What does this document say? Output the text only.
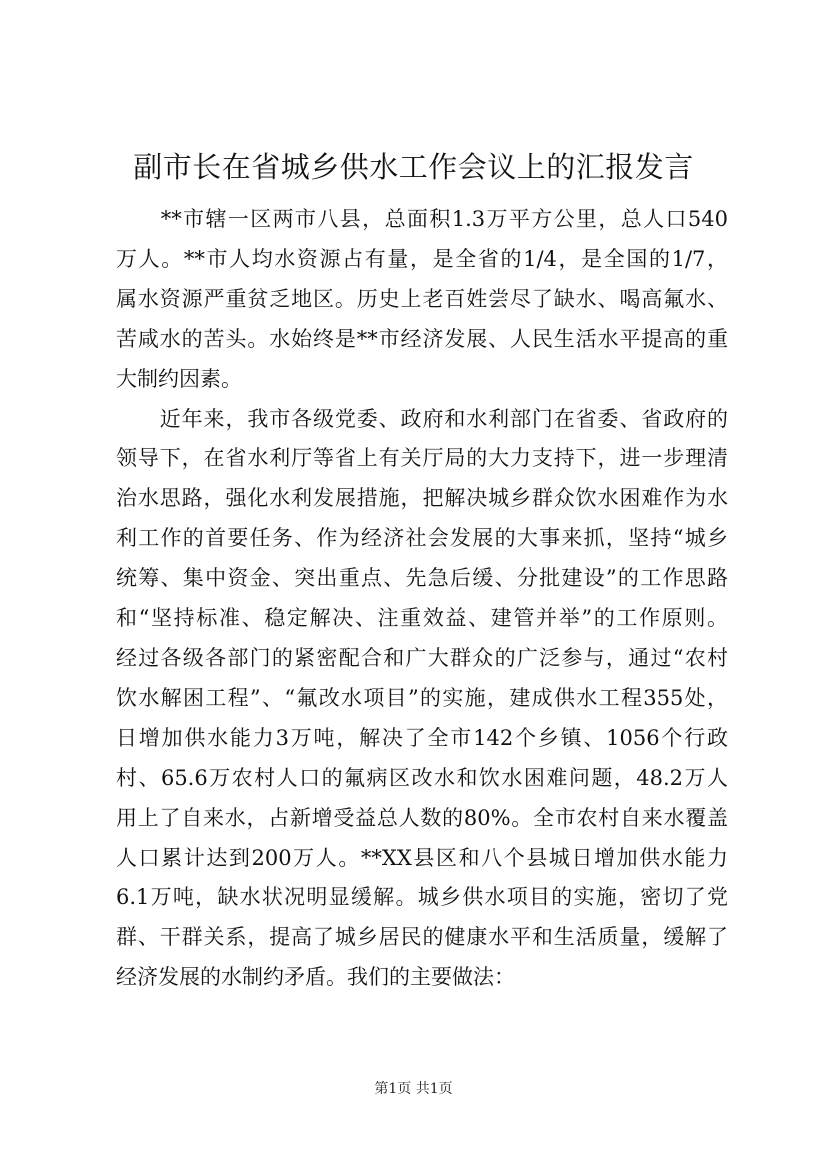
副市长在省城乡供水工作会议上的汇报发言
　　**市辖一区两市八县，总面积1.3万平方公里，总人口540
万人。**市人均水资源占有量，是全省的1/4，是全国的1/7，
属水资源严重贫乏地区。历史上老百姓尝尽了缺水、喝高氟水、
苦咸水的苦头。水始终是**市经济发展、人民生活水平提高的重
大制约因素。
　　近年来，我市各级党委、政府和水利部门在省委、省政府的
领导下，在省水利厅等省上有关厅局的大力支持下，进一步理清
治水思路，强化水利发展措施，把解决城乡群众饮水困难作为水
利工作的首要任务、作为经济社会发展的大事来抓，坚持“城乡
统筹、集中资金、突出重点、先急后缓、分批建设”的工作思路
和“坚持标准、稳定解决、注重效益、建管并举”的工作原则。
经过各级各部门的紧密配合和广大群众的广泛参与，通过“农村
饮水解困工程”、“氟改水项目”的实施，建成供水工程355处，
日增加供水能力3万吨，解决了全市142个乡镇、1056个行政
村、65.6万农村人口的氟病区改水和饮水困难问题，48.2万人
用上了自来水，占新增受益总人数的80%。全市农村自来水覆盖
人口累计达到200万人。**XX县区和八个县城日增加供水能力
6.1万吨，缺水状况明显缓解。城乡供水项目的实施，密切了党
群、干群关系，提高了城乡居民的健康水平和生活质量，缓解了
经济发展的水制约矛盾。我们的主要做法：
第1页 共1页
